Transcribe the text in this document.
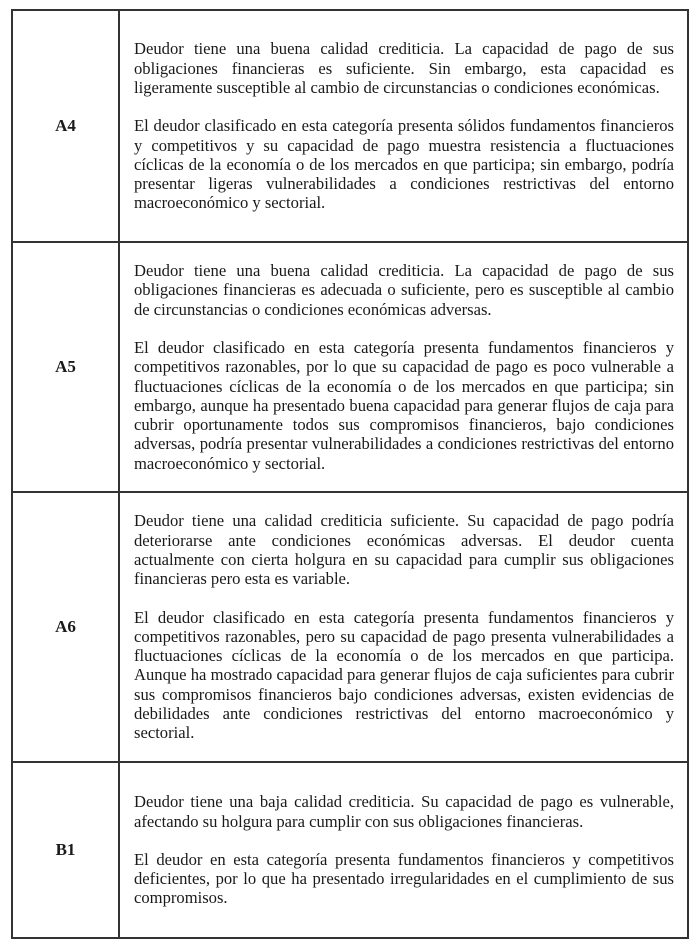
A4	Deudor tiene una buena calidad crediticia. La capacidad de pago de sus obligaciones financieras es suficiente. Sin embargo, esta capacidad es ligeramente susceptible al cambio de circunstancias o condiciones económicas.

El deudor clasificado en esta categoría presenta sólidos fundamentos financieros y competitivos y su capacidad de pago muestra resistencia a fluctuaciones cíclicas de la economía o de los mercados en que participa; sin embargo, podría presentar ligeras vulnerabilidades a condiciones restrictivas del entorno macroeconómico y sectorial.

A5	Deudor tiene una buena calidad crediticia. La capacidad de pago de sus obligaciones financieras es adecuada o suficiente, pero es susceptible al cambio de circunstancias o condiciones económicas adversas.

El deudor clasificado en esta categoría presenta fundamentos financieros y competitivos razonables, por lo que su capacidad de pago es poco vulnerable a fluctuaciones cíclicas de la economía o de los mercados en que participa; sin embargo, aunque ha presentado buena capacidad para generar flujos de caja para cubrir oportunamente todos sus compromisos financieros, bajo condiciones adversas, podría presentar vulnerabilidades a condiciones restrictivas del entorno macroeconómico y sectorial.

A6	Deudor tiene una calidad crediticia suficiente. Su capacidad de pago podría deteriorarse ante condiciones económicas adversas. El deudor cuenta actualmente con cierta holgura en su capacidad para cumplir sus obligaciones financieras pero esta es variable.

El deudor clasificado en esta categoría presenta fundamentos financieros y competitivos razonables, pero su capacidad de pago presenta vulnerabilidades a fluctuaciones cíclicas de la economía o de los mercados en que participa. Aunque ha mostrado capacidad para generar flujos de caja suficientes para cubrir sus compromisos financieros bajo condiciones adversas, existen evidencias de debilidades ante condiciones restrictivas del entorno macroeconómico y sectorial.

B1	Deudor tiene una baja calidad crediticia. Su capacidad de pago es vulnerable, afectando su holgura para cumplir con sus obligaciones financieras.

El deudor en esta categoría presenta fundamentos financieros y competitivos deficientes, por lo que ha presentado irregularidades en el cumplimiento de sus compromisos.
